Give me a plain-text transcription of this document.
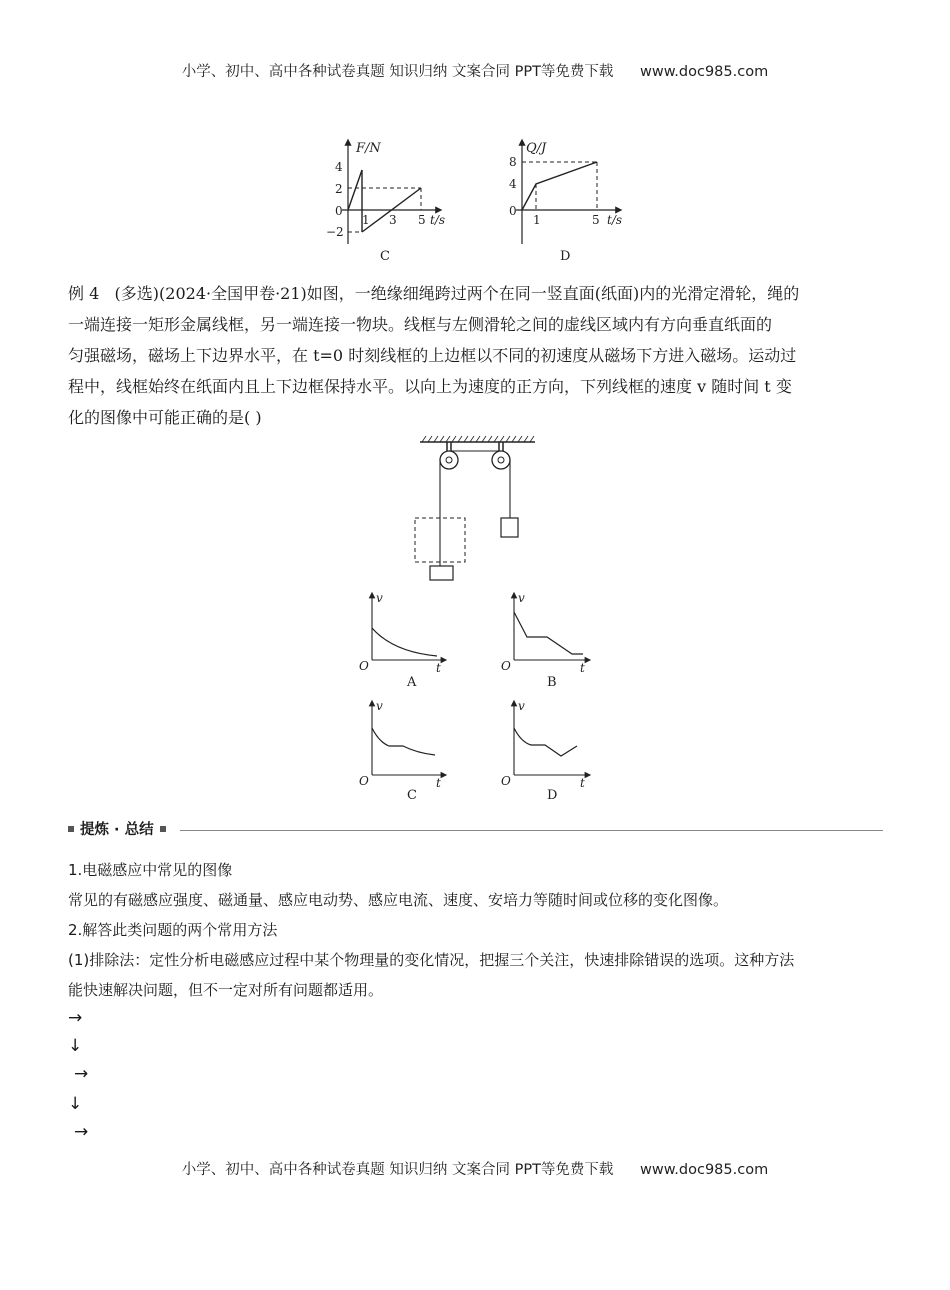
小学、初中、高中各种试卷真题 知识归纳 文案合同 PPT等免费下载 www.doc985.com
F/N
t/s
4
2
0
−2
1 3 5
C
Q/J
t/s
8
4
0
1	5
D
例 4 (多选)(2024·全国甲卷·21)如图，一绝缘细绳跨过两个在同一竖直面(纸面)内的光滑定滑轮，绳的
一端连接一矩形金属线框，另一端连接一物块。线框与左侧滑轮之间的虚线区域内有方向垂直纸面的
匀强磁场，磁场上下边界水平，在 t=0 时刻线框的上边框以不同的初速度从磁场下方进入磁场。运动过
程中，线框始终在纸面内且上下边框保持水平。以向上为速度的正方向，下列线框的速度 v 随时间 t 变
化的图像中可能正确的是( )
v
t
O
A
v
t
O
B
v
t
O
C
v
t
O
D
提炼 · 总结
1.电磁感应中常见的图像
常见的有磁感应强度、磁通量、感应电动势、感应电流、速度、安培力等随时间或位移的变化图像。
2.解答此类问题的两个常用方法
(1)排除法：定性分析电磁感应过程中某个物理量的变化情况，把握三个关注，快速排除错误的选项。这种方法
能快速解决问题，但不一定对所有问题都适用。
→
↓
→
↓
→
小学、初中、高中各种试卷真题 知识归纳 文案合同 PPT等免费下载 www.doc985.com
